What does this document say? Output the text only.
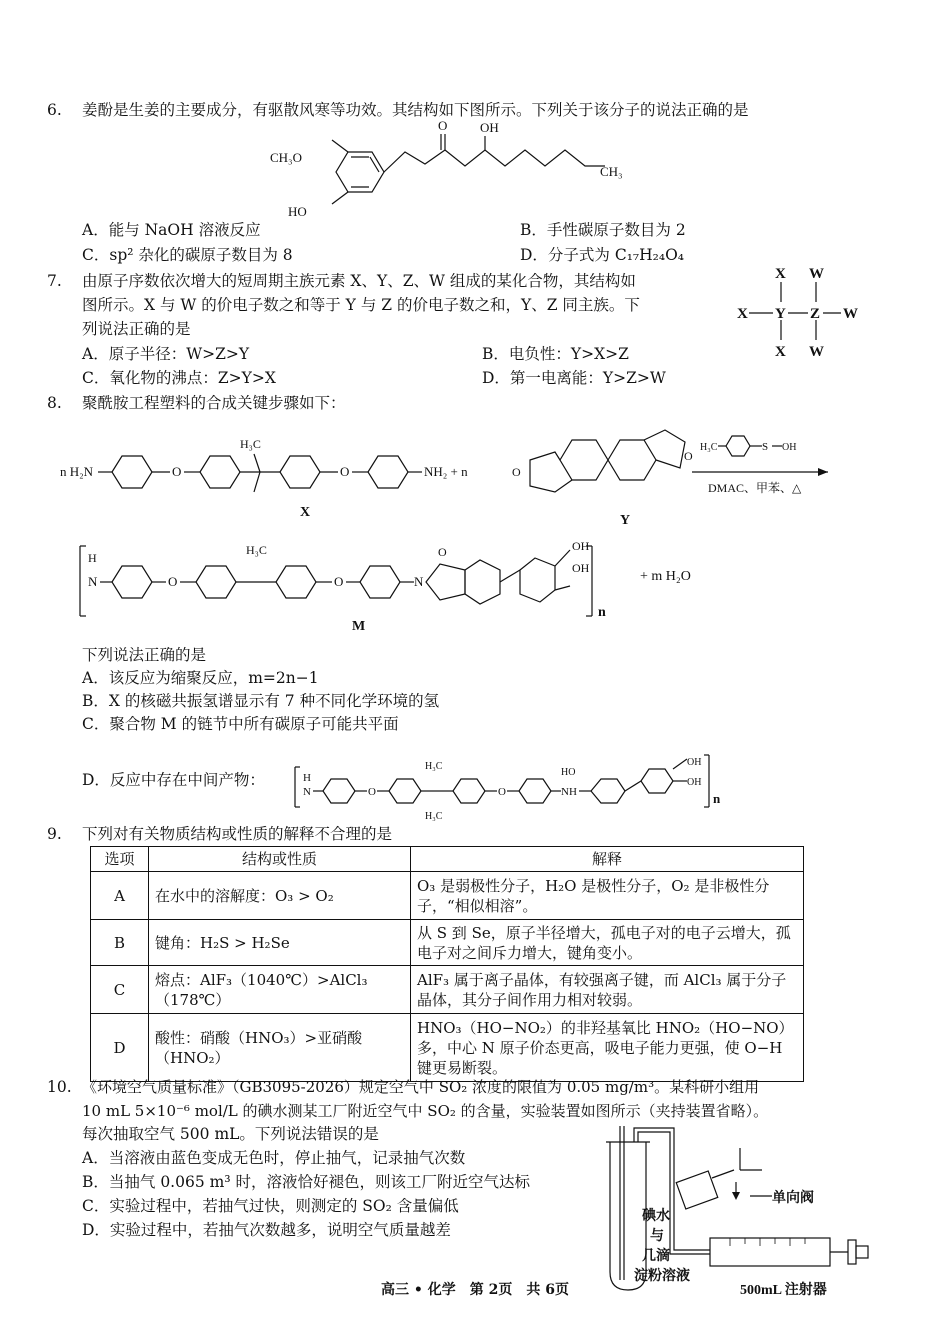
6. 姜酚是生姜的主要成分，有驱散风寒等功效。其结构如下图所示。下列关于该分子的说法正确的是
CH₃O
HO
O	OH
CH₃
A．能与 NaOH 溶液反应	B．手性碳原子数目为 2
C．sp² 杂化的碳原子数目为 8	D．分子式为 C₁₇H₂₄O₄
7. 由原子序数依次增大的短周期主族元素 X、Y、Z、W 组成的某化合物，其结构如
图所示。X 与 W 的价电子数之和等于 Y 与 Z 的价电子数之和，Y、Z 同主族。下
列说法正确的是
A．原子半径：W>Z>Y	B．电负性：Y>X>Z
C．氧化物的沸点：Z>Y>X	D．第一电离能：Y>Z>W
X W
X Y Z W
X W
8. 聚酰胺工程塑料的合成关键步骤如下：
n H₂N	O
H₃C
O	NH₂ + n
X
O
O
Y
H₃C	S OH
DMAC、甲苯、△
H
N	O
H₃C
O	N
O	OH
OH
n
+ m H₂O
M
下列说法正确的是
A．该反应为缩聚反应，m=2n−1
B．X 的核磁共振氢谱显示有 7 种不同化学环境的氢
C．聚合物 M 的链节中所有碳原子可能共平面
D．反应中存在中间产物：	H
N	O
H₃C
H₃C
O	NH
HO
OH
OH
n
9. 下列对有关物质结构或性质的解释不合理的是
选项	结构或性质	解释
A	在水中的溶解度：O₃ > O₂	O₃ 是弱极性分子，H₂O 是极性分子，O₂ 是非极性分子，“相似相溶”。
B	键角：H₂S > H₂Se	从 S 到 Se，原子半径增大，孤电子对的电子云增大，孤电子对之间斥力增大，键角变小。
C	熔点：AlF₃（1040℃）>AlCl₃（178℃）	AlF₃ 属于离子晶体，有较强离子键，而 AlCl₃ 属于分子晶体，其分子间作用力相对较弱。
D	酸性：硝酸（HNO₃）>亚硝酸（HNO₂）	HNO₃（HO−NO₂）的非羟基氧比 HNO₂（HO−NO）多，中心 N 原子价态更高，吸电子能力更强，使 O−H 键更易断裂。
10. 《环境空气质量标准》（GB3095-2026）规定空气中 SO₂ 浓度的限值为 0.05 mg/m³。某科研小组用
10 mL 5×10⁻⁶ mol/L 的碘水测某工厂附近空气中 SO₂ 的含量，实验装置如图所示（夹持装置省略）。
每次抽取空气 500 mL。下列说法错误的是
A．当溶液由蓝色变成无色时，停止抽气，记录抽气次数
B．当抽气 0.065 m³ 时，溶液恰好褪色，则该工厂附近空气达标
C．实验过程中，若抽气过快，则测定的 SO₂ 含量偏低
D．实验过程中，若抽气次数越多，说明空气质量越差
单向阀
500mL 注射器
碘水
与
几滴
淀粉溶液
高三 • 化学　第 2页　共 6页
